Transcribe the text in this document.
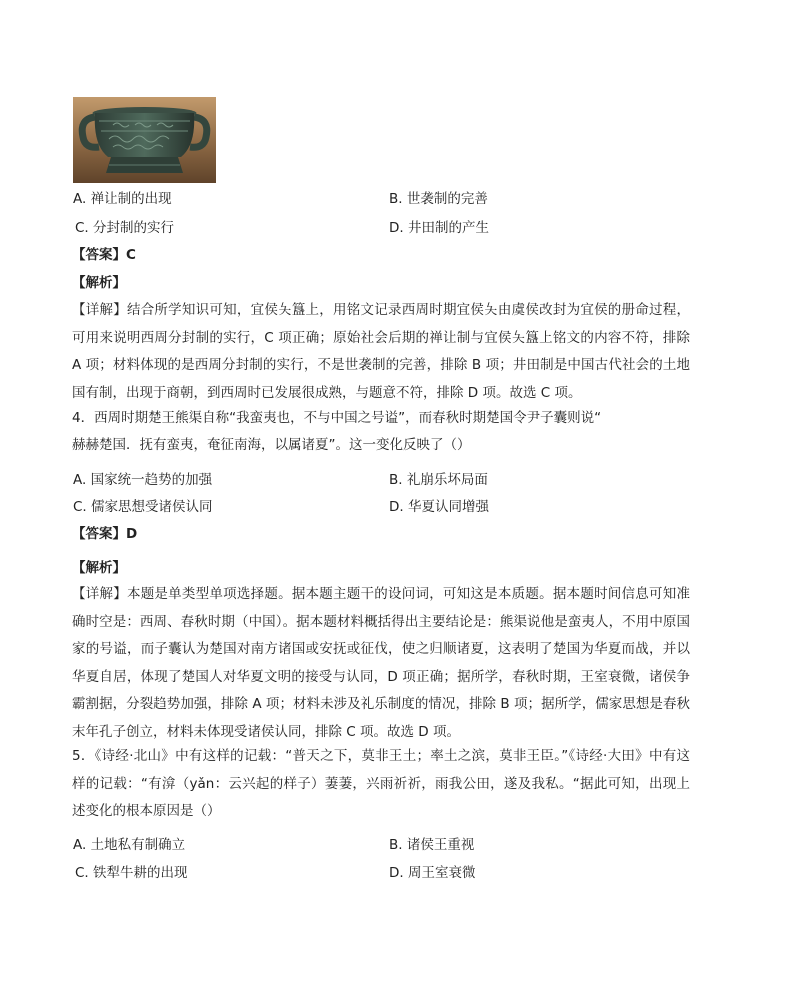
A. 禅让制的出现	B. 世袭制的完善
C. 分封制的实行	D. 井田制的产生
【答案】C
【解析】
【详解】结合所学知识可知，宜侯夨簋上，用铭文记录西周时期宜侯夨由虞侯改封为宜侯的册命过程，可用来说明西周分封制的实行，C 项正确；原始社会后期的禅让制与宜侯夨簋上铭文的内容不符，排除 A 项；材料体现的是西周分封制的实行，不是世袭制的完善，排除 B 项；井田制是中国古代社会的土地国有制，出现于商朝，到西周时已发展很成熟，与题意不符，排除 D 项。故选 C 项。
4．西周时期楚王熊渠自称“我蛮夷也，不与中国之号谥”，而春秋时期楚国令尹子囊则说“
赫赫楚国．抚有蛮夷，奄征南海，以属诸夏”。这一变化反映了（）
A. 国家统一趋势的加强	B. 礼崩乐坏局面
C. 儒家思想受诸侯认同	D. 华夏认同增强
【答案】D
【解析】
【详解】本题是单类型单项选择题。据本题主题干的设问词，可知这是本质题。据本题时间信息可知准确时空是：西周、春秋时期（中国）。据本题材料概括得出主要结论是：熊渠说他是蛮夷人，不用中原国家的号谥，而子囊认为楚国对南方诸国或安抚或征伐，使之归顺诸夏，这表明了楚国为华夏而战，并以华夏自居，体现了楚国人对华夏文明的接受与认同，D 项正确；据所学，春秋时期，王室衰微，诸侯争霸割据，分裂趋势加强，排除 A 项；材料未涉及礼乐制度的情况，排除 B 项；据所学，儒家思想是春秋末年孔子创立，材料未体现受诸侯认同，排除 C 项。故选 D 项。
5．《诗经·北山》中有这样的记载：“普天之下，莫非王土；率土之滨，莫非王臣。”《诗经·大田》中有这样的记载：“有渰（yǎn：云兴起的样子）萋萋，兴雨祈祈，雨我公田，遂及我私。“据此可知，出现上述变化的根本原因是（）
A. 土地私有制确立	B. 诸侯王重视
C. 铁犁牛耕的出现	D. 周王室衰微
